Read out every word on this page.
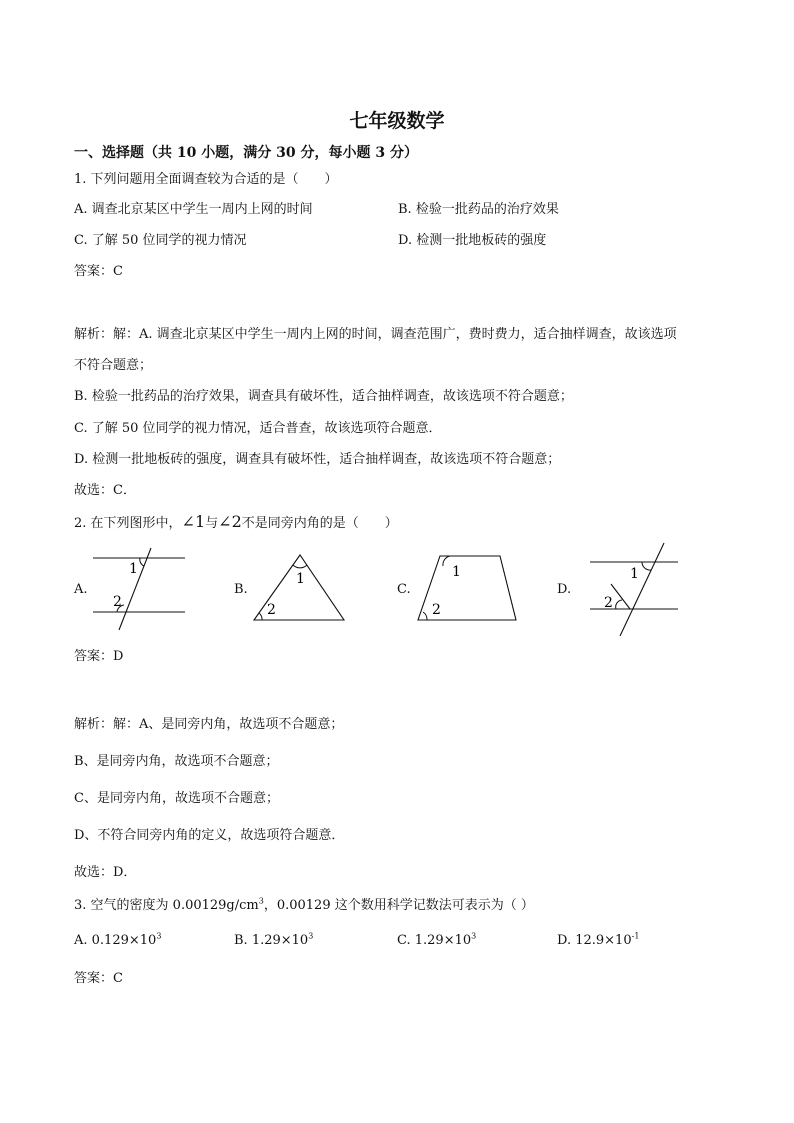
七年级数学
一、选择题（共 10 小题，满分 30 分，每小题 3 分）
1. 下列问题用全面调查较为合适的是（　　）
A. 调查北京某区中学生一周内上网的时间	B. 检验一批药品的治疗效果
C. 了解 50 位同学的视力情况	D. 检测一批地板砖的强度
答案：C
解析：解：A. 调查北京某区中学生一周内上网的时间，调查范围广，费时费力，适合抽样调查，故该选项
不符合题意；
B. 检验一批药品的治疗效果，调查具有破坏性，适合抽样调查，故该选项不符合题意；
C. 了解 50 位同学的视力情况，适合普查，故该选项符合题意．
D. 检测一批地板砖的强度，调查具有破坏性，适合抽样调查，故该选项不符合题意；
故选：C．
2. 在下列图形中，∠1与∠2不是同旁内角的是（　　）
A.	B.	C.	D.
1
2
1
2
1
2
1
2
答案：D
解析：解：A、是同旁内角，故选项不合题意；
B、是同旁内角，故选项不合题意；
C、是同旁内角，故选项不合题意；
D、不符合同旁内角的定义，故选项符合题意．
故选：D．
3. 空气的密度为 $0.00129g/cm^3$，0.00129 这个数用科学记数法可表示为（ ）
A. $0.129\times 10^3$	B. $1.29\times 10^3$	C. $1.29\times 10^3$	D. $12.9\times 10^{-1}$
答案：C
